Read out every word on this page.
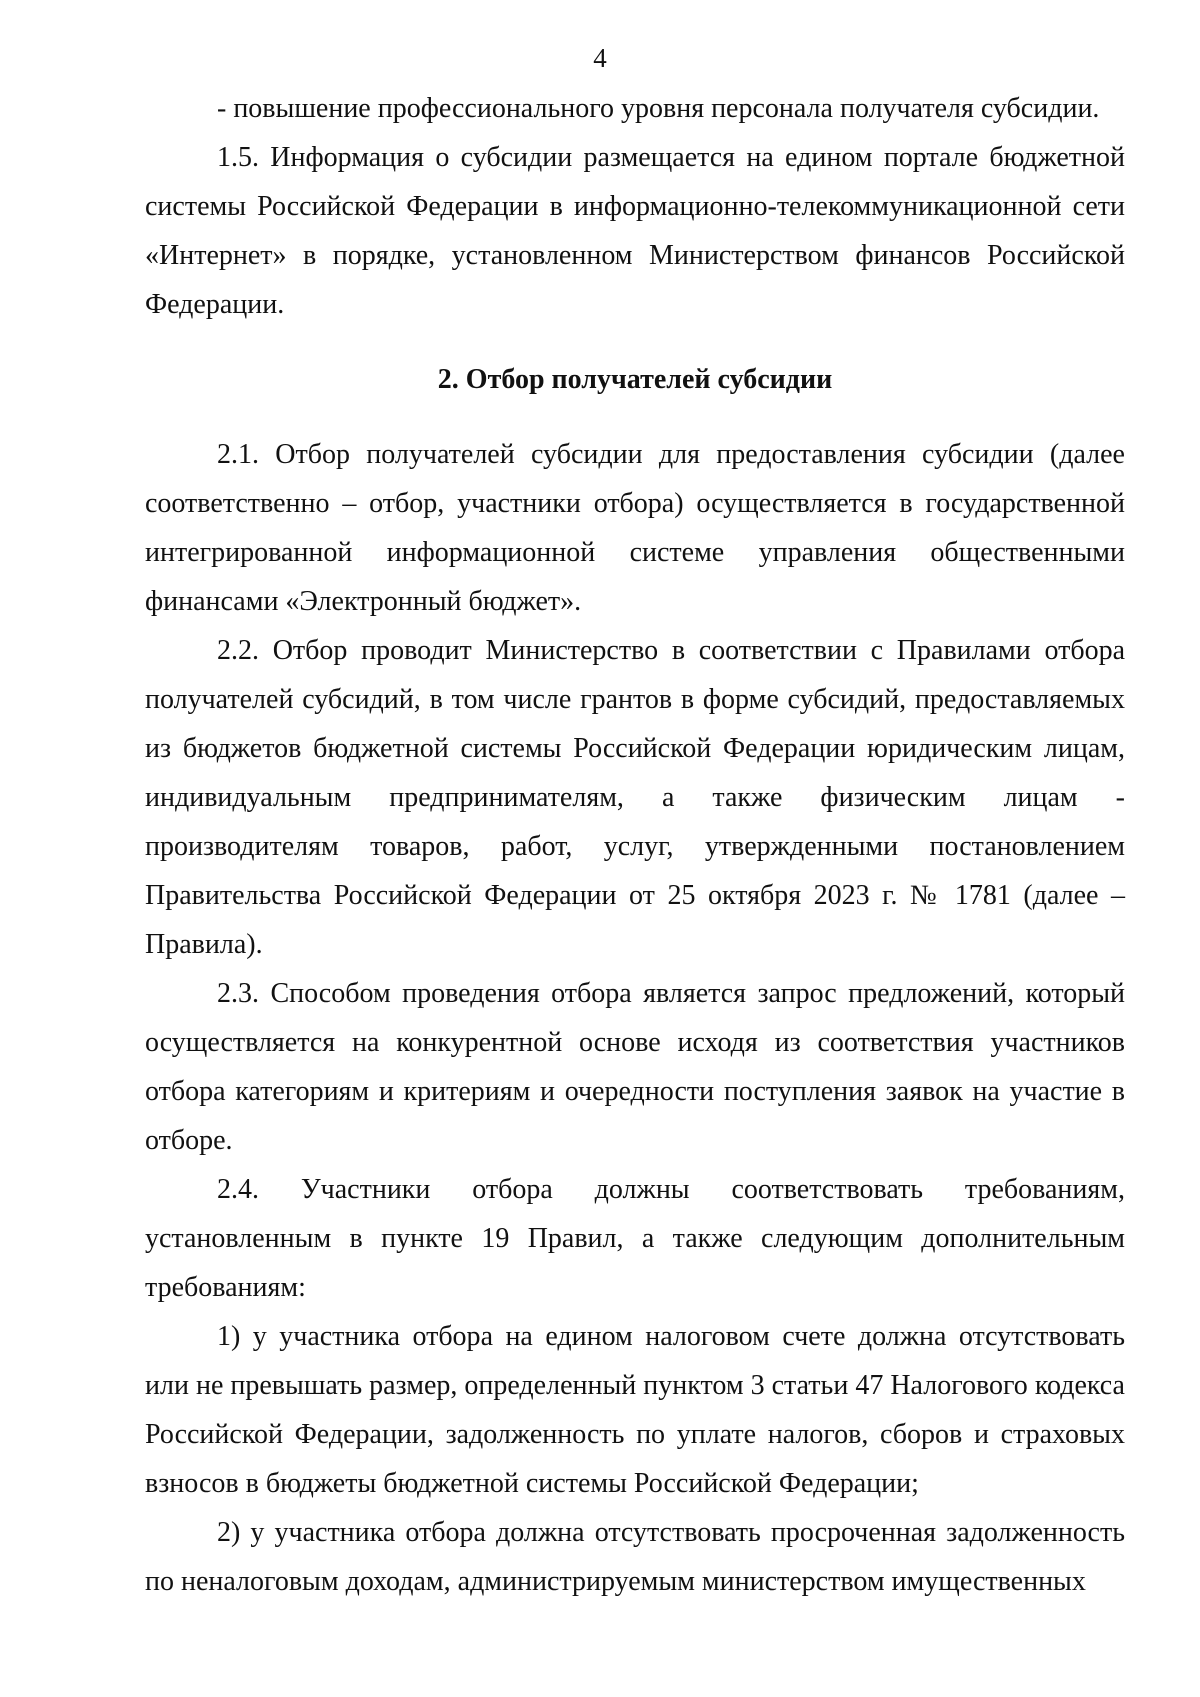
4

- повышение профессионального уровня персонала получателя субсидии.

1.5. Информация о субсидии размещается на едином портале бюджетной системы Российской Федерации в информационно-телекоммуникационной сети «Интернет» в порядке, установленном Министерством финансов Российской Федерации.

2. Отбор получателей субсидии

2.1. Отбор получателей субсидии для предоставления субсидии (далее соответственно – отбор, участники отбора) осуществляется в государственной интегрированной информационной системе управления общественными финансами «Электронный бюджет».

2.2. Отбор проводит Министерство в соответствии с Правилами отбора получателей субсидий, в том числе грантов в форме субсидий, предоставляемых из бюджетов бюджетной системы Российской Федерации юридическим лицам, индивидуальным предпринимателям, а также физическим лицам - производителям товаров, работ, услуг, утвержденными постановлением Правительства Российской Федерации от 25 октября 2023 г. № 1781 (далее – Правила).

2.3. Способом проведения отбора является запрос предложений, который осуществляется на конкурентной основе исходя из соответствия участников отбора категориям и критериям и очередности поступления заявок на участие в отборе.

2.4. Участники отбора должны соответствовать требованиям, установленным в пункте 19 Правил, а также следующим дополнительным требованиям:

1) у участника отбора на едином налоговом счете должна отсутствовать или не превышать размер, определенный пунктом 3 статьи 47 Налогового кодекса Российской Федерации, задолженность по уплате налогов, сборов и страховых взносов в бюджеты бюджетной системы Российской Федерации;

2) у участника отбора должна отсутствовать просроченная задолженность по неналоговым доходам, администрируемым министерством имущественных
